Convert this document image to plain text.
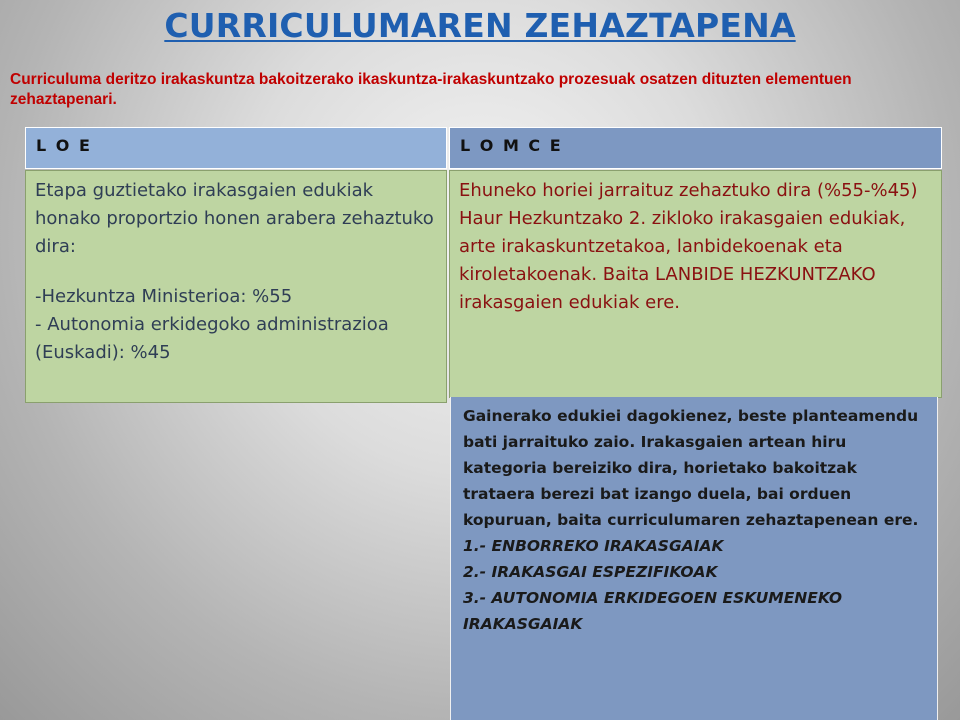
CURRICULUMAREN ZEHAZTAPENA

Curriculuma deritzo irakaskuntza bakoitzerako ikaskuntza-irakaskuntzako prozesuak osatzen dituzten elementuen zehaztapenari.

L O E	L O M C E

Etapa guztietako irakasgaien edukiak honako proportzio honen arabera zehaztuko dira:

-Hezkuntza Ministerioa: %55

- Autonomia erkidegoko administrazioa (Euskadi): %45

Ehuneko horiei jarraituz zehaztuko dira (%55-%45) Haur Hezkuntzako 2. zikloko irakasgaien edukiak, arte irakaskuntzetakoa, lanbidekoenak eta kiroletakoenak. Baita LANBIDE HEZKUNTZAKO irakasgaien edukiak ere.

Gainerako edukiei dagokienez, beste planteamendu bati jarraituko zaio. Irakasgaien artean hiru kategoria bereiziko dira, horietako bakoitzak trataera berezi bat izango duela, bai orduen kopuruan, baita curriculumaren zehaztapenean ere.

1.- ENBORREKO IRAKASGAIAK

2.- IRAKASGAI ESPEZIFIKOAK

3.- AUTONOMIA ERKIDEGOEN ESKUMENEKO IRAKASGAIAK
